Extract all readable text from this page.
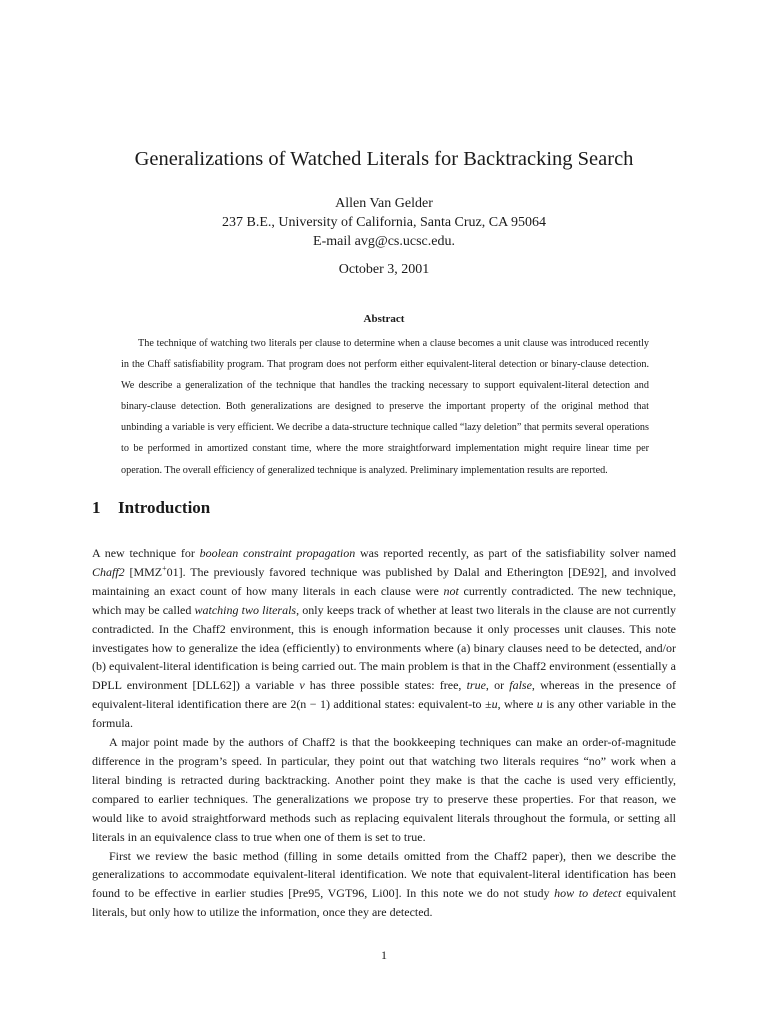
Generalizations of Watched Literals for Backtracking Search
Allen Van Gelder
237 B.E., University of California, Santa Cruz, CA 95064
E-mail avg@cs.ucsc.edu.
October 3, 2001
Abstract

The technique of watching two literals per clause to determine when a clause becomes a unit clause was introduced recently in the Chaff satisfiability program. That program does not perform either equivalent-literal detection or binary-clause detection. We describe a generalization of the technique that handles the tracking necessary to support equivalent-literal detection and binary-clause detection. Both generalizations are designed to preserve the important property of the original method that unbinding a variable is very efficient. We decribe a data-structure technique called “lazy deletion” that permits several operations to be performed in amortized constant time, where the more straightforward implementation might require linear time per operation. The overall efficiency of generalized technique is analyzed. Preliminary implementation results are reported.

1 Introduction

A new technique for boolean constraint propagation was reported recently, as part of the satisfiability solver named Chaff2 [MMZ+01]. The previously favored technique was published by Dalal and Etherington [DE92], and involved maintaining an exact count of how many literals in each clause were not currently contradicted. The new technique, which may be called watching two literals, only keeps track of whether at least two literals in the clause are not currently contradicted. In the Chaff2 environment, this is enough information because it only processes unit clauses. This note investigates how to generalize the idea (efficiently) to environments where (a) binary clauses need to be detected, and/or (b) equivalent-literal identification is being carried out. The main problem is that in the Chaff2 environment (essentially a DPLL environment [DLL62]) a variable v has three possible states: free, true, or false, whereas in the presence of equivalent-literal identification there are 2(n − 1) additional states: equivalent-to ±u, where u is any other variable in the formula.

A major point made by the authors of Chaff2 is that the bookkeeping techniques can make an order-of-magnitude difference in the program’s speed. In particular, they point out that watching two literals requires “no” work when a literal binding is retracted during backtracking. Another point they make is that the cache is used very efficiently, compared to earlier techniques. The generalizations we propose try to preserve these properties. For that reason, we would like to avoid straightforward methods such as replacing equivalent literals throughout the formula, or setting all literals in an equivalence class to true when one of them is set to true.

First we review the basic method (filling in some details omitted from the Chaff2 paper), then we describe the generalizations to accommodate equivalent-literal identification. We note that equivalent-literal identification has been found to be effective in earlier studies [Pre95, VGT96, Li00]. In this note we do not study how to detect equivalent literals, but only how to utilize the information, once they are detected.

1
